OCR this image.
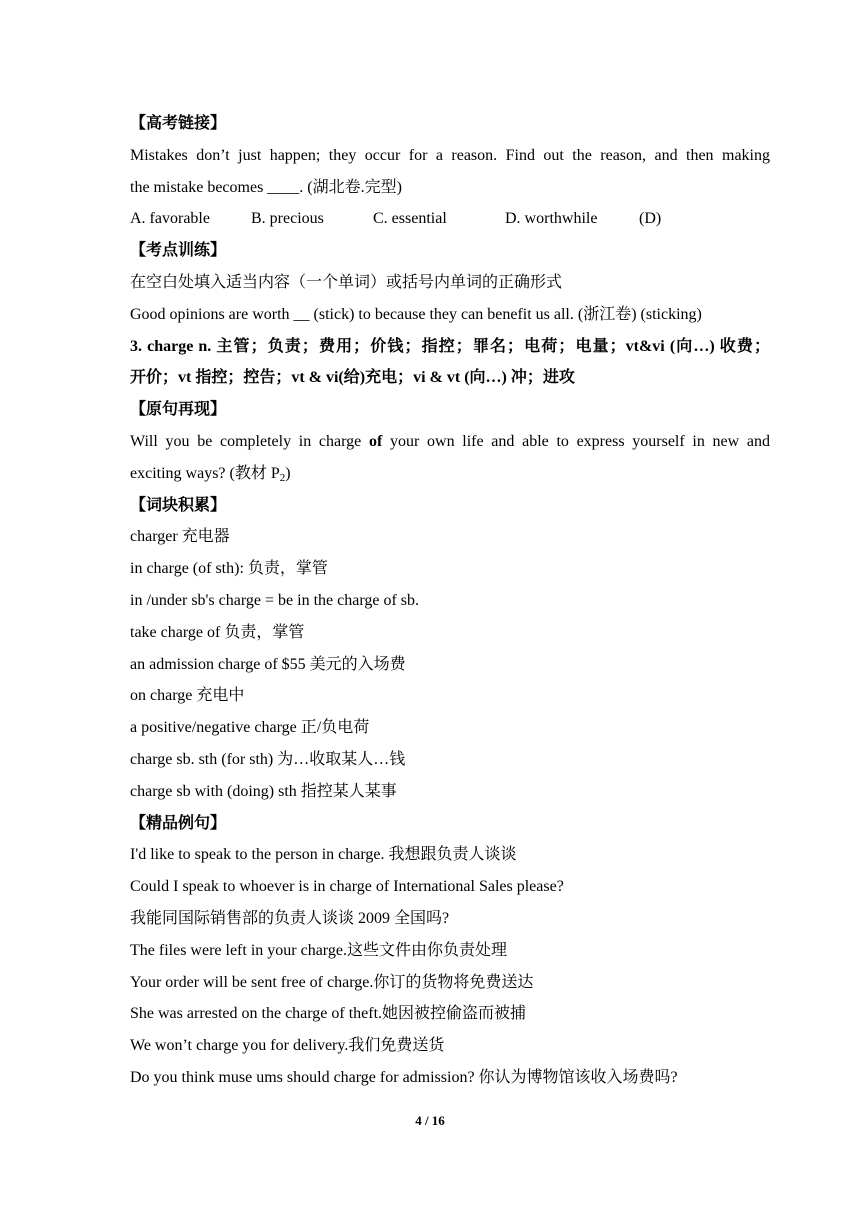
【高考链接】
Mistakes don’t just happen; they occur for a reason. Find out the reason, and then making
the mistake becomes ____. (湖北卷.完型)
A. favorable	B. precious	C. essential	D. worthwhile	(D)
【考点训练】
在空白处填入适当内容（一个单词）或括号内单词的正确形式
Good opinions are worth __ (stick) to because they can benefit us all. (浙江卷) (sticking)
3. charge n. 主管；负责；费用；价钱；指控；罪名；电荷；电量；vt&vi (向…) 收费；
开价；vt 指控；控告；vt & vi(给)充电；vi & vt (向…) 冲；进攻
【原句再现】
Will you be completely in charge of your own life and able to express yourself in new and
exciting ways? (教材 $P_2$)
【词块积累】
charger 充电器
in charge (of sth): 负责，掌管
in /under sb's charge = be in the charge of sb.
take charge of 负责，掌管
an admission charge of $55 美元的入场费
on charge 充电中
a positive/negative charge 正/负电荷
charge sb. sth (for sth) 为…收取某人…钱
charge sb with (doing) sth 指控某人某事
【精品例句】
I'd like to speak to the person in charge. 我想跟负责人谈谈
Could I speak to whoever is in charge of International Sales please?
我能同国际销售部的负责人谈谈 2009 全国吗?
The files were left in your charge.这些文件由你负责处理
Your order will be sent free of charge.你订的货物将免费送达
She was arrested on the charge of theft.她因被控偷盗而被捕
We won’t charge you for delivery.我们免费送货
Do you think muse ums should charge for admission? 你认为博物馆该收入场费吗?
4 / 16
